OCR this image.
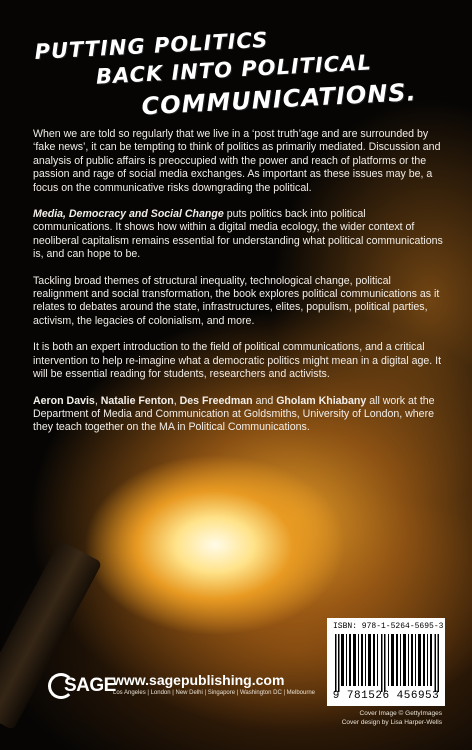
PUTTING POLITICS
BACK INTO POLITICAL
COMMUNICATIONS.

When we are told so regularly that we live in a ‘post truth’age and are surrounded by ‘fake news’, it can be tempting to think of politics as primarily mediated. Discussion and analysis of public affairs is preoccupied with the power and reach of platforms or the passion and rage of social media exchanges. As important as these issues may be, a focus on the communicative risks downgrading the political.

Media, Democracy and Social Change puts politics back into political communications. It shows how within a digital media ecology, the wider context of neoliberal capitalism remains essential for understanding what political communications is, and can hope to be.

Tackling broad themes of structural inequality, technological change, political realignment and social transformation, the book explores political communications as it relates to debates around the state, infrastructures, elites, populism, political parties, activism, the legacies of colonialism, and more.

It is both an expert introduction to the field of political communications, and a critical intervention to help re-imagine what a democratic politics might mean in a digital age. It will be essential reading for students, researchers and activists.

Aeron Davis, Natalie Fenton, Des Freedman and Gholam Khiabany all work at the Department of Media and Communication at Goldsmiths, University of London, where they teach together on the MA in Political Communications.

SAGE
www.sagepublishing.com
Los Angeles | London | New Delhi | Singapore | Washington DC | Melbourne
ISBN: 978-1-5264-5695-3
9 781526 456953
Cover Image © GettyImages
Cover design by Lisa Harper-Wells
